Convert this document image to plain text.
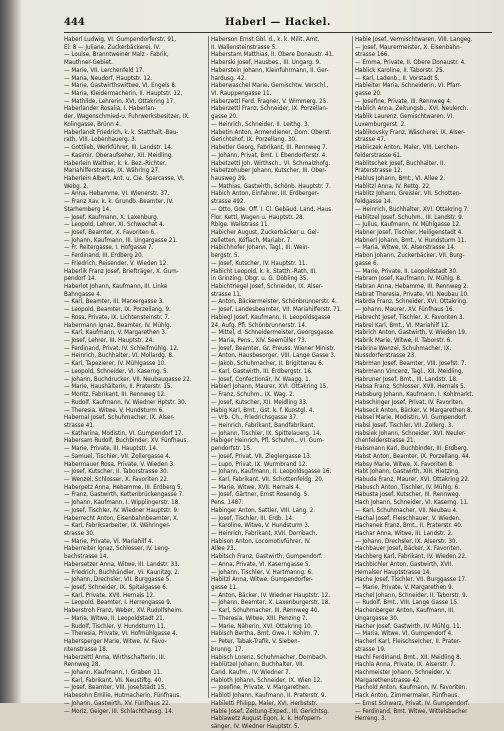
444	Haberl — Hackel.
Haberl Ludwig, VI. Gumpendorferstr. 91,
El: 8 — Juliane, Zuckerbäckerei, IV.
— Louise, Branntweiner Malz - Fabrik,
Mauthner-Gebiet.
— Marie, VII. Lerchenfeld 17.
— Maria, Neudorf, Hauptstr. 12.
— Marie, Gastwirthswittwe, VI. Engels 8.
— Maria, Kleidermacherin, II. Hauptstr. 12,
— Mathilde, Lehrerin, XVI. Ottakring 17.
Haberlander Rosalia, I. Haberlan-
der, Wagenschmied-u. Fuhrwerksbesitzer, IX.
Kolingasse, Brünn 4.
Haberlandt Friedrich, k. k. Statthalt.-Bau-
rath, VIII. Lobenhauerg. 3.
— Gottlieb, Werkführer, III. Landstr. 14.
— Kasimir, Oberaufseher, XII. Meidling.
Haberlein Walther, k. k. Bez.-Richter,
Mariahilferstrasse, IX. Währing 27.
Haberlein Albert, Ant. u. Cie. Sparcasse, VI.
Webg. 2.
— Anna, Hebamme, VI. Wienerstr. 37.
— Franz Xav. k. k. Grundb.-Beamter, IV.
Starhemberg 14.
— Josef, Kaufmann, X. Laxenburg.
— Leopold, Lehrer, XI. Schwechat 4.
— Josef, Beamter, X. Favoriten 6.
— Johann, Kaufmann, III. Ungargasse 21.
— Fr. Reitergasse, I. Hofgasse 7.
— Ferdinand, III. Erdberg 20.
— Friedrich, Reisender, V. Wieden 12.
Haberlik Franz Josef, Briefträger, X. Gum-
pendorf 14.
Haberlot Johann, Kaufmann, III. Linke
Bahngasse 4.
— Karl, Beamter, III. Marxergasse 3.
— Leopold, Beamter, IX. Porzellang. 9.
— Rosa, Private, IX. Lichtensteinstr. 7.
Habermann Ignaz, Beamter, IV. Mühlg.
— Karl, Kaufmann, V. Margarethen 3.
— Josef, Lehrer, III. Hauptstr. 24.
— Ferdinand, Privat, IV. Schleifmühlg. 12.
— Heinrich, Buchhalter, VI. Mollardg. 8.
— Karl, Tapezierer, IV. Mühlgasse 10.
— Leopold, Schneider, VI. Kaserng. 5.
— Johann, Buchdrucker, VII. Neubaugasse 22.
— Marie, Haushälterin, II. Praterstr. 15.
— Moritz, Fabrikant, III. Rennweg 12.
— Rudolf, Kaufmann, IV. Wiedner Hptstr. 30.
— Theresia, Witwe, V. Hundsturm 6.
Habernal Josef, Schuhmacher, IX. Alser-
strasse 41.
— Katharina, Modistin, VI. Gumpendorf 17.
Habersam Rudolf, Buchbinder, XV. Fünfhaus.
— Marie, Private, III. Hauptstr. 14.
— Samuel, Tischler, VII. Zollergasse 4.
Habermauer Rosa, Private, V. Wieden 3.
— Josef, Kutscher, II. Taborstrasse 30.
— Wenzel, Schlosser, X. Favoriten 22.
Haberpetz Anna, Hebamme, III. Erdberg 5.
— Franz, Gastwirth, Kettenbrückengasse 7.
— Johann, Kaufmann, I. Wipplingerstr. 18.
— Josef, Tischler, IV. Wiedner Hauptstr. 9.
Haberrecht Anton, Eisenbahnbeamter, X.
— Karl, Fabriksarbeiter, IX. Währinger-
strasse 30.
— Marie, Private, VI. Mariahilf 4.
Haberreiter Ignaz, Schlosser, IV. Leng-
bachstrasse 14.
Habersetzer Anna, Witwe, III. Landstr. 33.
— Friedrich, Buchhändler, VI. Kaunitzg. 2.
— Johann, Drechsler, VII. Burggasse 5.
— Josef, Schneider, IX. Spitalgasse 6.
— Karl, Private, XVII. Hernals 12.
— Leopold, Beamter, I. Herrengasse 9.
Haberstroh Franz, Weber, XV. Rudolfsheim.
— Maria, Witwe, II. Leopoldstadt 21.
— Rudolf, Tischler, V. Hundsturm 11.
— Theresia, Private, VI. Hofmühlgasse 4.
Habersperger Marie, Witwe, IV. Favo-
ritenstrasse 18.
Haberzettl Anna, Wirthschafterin, III.
Rennweg 28.
— Johann, Kaufmann, I. Graben 11.
— Karl, Fabrikant, VII. Neustiftg. 40.
— Josef, Beamter, VIII. Josefstadt 15.
Habesohn Emilie, Hutmacherin, Fünfhaus.
— Johann, Gastwirth, XV. Fünfhaus 22.
— Moriz, Geiger, III. Schlachthausg. 14.
Haberson Ernst Gbl. d., k. k. Milit. Amt,
II. Wallensteinstrasse 5.
Haberstam Matthias, II. Obere Donaustr. 41.
Haberski Josef, Hausbes., III. Ungarg. 9.
Haberstein Johann, Kleinfuhrmann, II. Ger-
hardusg. 42.
Haberwaschel Marie, Gemischtw. Verschl.,
VI. Rauppengasse 11.
Haberzettl Ferd. Fragner, V. Wimmerg. 25.
Haberzettl Franz, Schneider, IX. Porzellan-
gasse 20.
— Heinrich, Schneider, II. Leithg. 3.
Habetin Anton, Armendiener, Dom. Oberst.
Gerichtshof, IX. Porzellang. 30.
Habetler Georg, Fabrikant, III. Rennweg 7.
— Johann, Privat, Bmt. I. Ebendorferstr. 4.
Habetzettl Joh. Wirthsch., VI. Schmalzhofg.
Habetzohuber Johann, Kutscher, III. Ober-
hausweg 39.
— Mathias, Gastwirth, Schönb. Hauptstr. 7.
Habich Anton, Einfahrer, III. Erdberger-
strasse 492.
— Otto, Gde. Off. I. Cl. Gebäud. Land. Haus
Flor. Kettl, Wagen u. Hauptstr. 28.
Rblge. Wallstrass 11.
Habicher August, Zuckerbäcker u. Gel-
zelletten, Köflach, Mariabr. 7.
Habichhofer Johann, Tagl., III. Wein-
bergstr. 5.
— Josef, Kutscher, IV. Hauptstr. 11.
Habicht Leopold, k. k. Statth.-Rath, III.
in Grinzing, Obgr. u. G. Döbling 35.
Habichtriegel Josef, Schneider, IX. Alser-
strasse 11.
— Anton, Bäckermeister, Schönbrunnerstr. 4.
— Josef, Landesbeamter, VII. Mariahilferstr. 71.
Habiegl Josef, Kaufmann, II. Leopoldsgasse
24, Aufg. Pfl. Schönbrunnerstr. 14.
— Mittel, d. Schneidermeister, Georgsgasse.
— Maria, Pens., XIV. Seemüller 73.
— Josef, Beamter, Gr. Preuss. Wiener Ministr.
— Anton, Hausbesorger, VIII. Lange Gasse 3.
— Jakob, Schuhmacher, II. Brigittenau 6.
— Karl, Gastwirth, III. Erdbergstr. 16.
— Josef, Confectionär, IV. Waagg. 1.
Habierl Johann, Maurer, XVI. Ottakring 15.
— Franz, Schuhm., IX. Wag. 2.
— Josef, Kutscher, XII. Meidling 33.
Habig Karl, Bmt., Gst. k. f. Kunstgl. 4.
— Vrb. Ch., Friedrichsgasse 37.
— Heinrich, Fabrikant, Bandfabrikant.
— Johann, Tischler, IX. Spittelauerg. 14.
Habiger Heinrich, Pfl. Schuhm., VI. Gum-
pendorfstr. 15.
— Josef, Privat, VII. Zieglergasse 13.
— Lupo, Privat, IX. Wurmbrand 12.
— Johann, Kaufmann, II. Leopoldsgasse 16.
— Karl, Fabrikant, VII. Schottenfeldg. 20.
— Marie, Witwe, XVII. Hernals 4.
— Josef, Gärtner, Ernst Rosendg. 5.
Pens. 1487.
Habinger Anton, Sattler, VIII. Lang. 2.
— Josef, Tischler, III. Erdb. 14.
— Karoline, Witwe, V. Hundsturm 3.
— Heinrich, Fabrikant, XVII. Dornbach.
Habison Anton, Locomotivführer, IV.
Allee 23.
Habitsch Franz, Gastwirth, Gumpendorf.
— Anna, Private, VI. Kaserngasse 5.
— Johann, Tischler, V. Hartmanng. 6.
Habitzl Anna, Witwe, Gumpendorfer-
gasse 11.
— Anton, Bäcker, IV. Wiedner Hauptstr. 12.
— Johann, Beamter, X. Laxenburgerstr. 18.
— Karl, Schuhmacher, III. Rennweg 40.
— Theresia, Witwe, XIII. Penzing 7.
— Marie, Näherin, XVI. Ottakring 10.
Habisch Bertha, Bmt. Gwe. I. Kohlm. 7.
— Peter, Tabak-Trafik, V. Sieben-
brunng. 17.
Habisch Lorenz, Schuhmacher, Dornbach.
Hablützel Johann, Buchhalter, VII.
Cand. Kaufm., IV. Wiedner 7.
Habloth Johann, Schneider, IX. Wien 12.
— Josefine, Private, V. Margarethen.
Hablotl Johann, Kaufmann, II. Praterstr. 9.
Habiletti Philipp, Maler, XVI. Herbststr.
Hable Josef, Zeitung-Exped., III. Gerichtsg.
Hablawetz August Egon, k. k. Hofopern-
sänger, IV. Wiedner Hauptstr. 5.
Hable Josef, Vermischtwaren, VIII. Langeg.
— Josef, Maurermeister, X. Eisenbahn-
strasse 166.
— Emma, Private, II. Obere Donaustr. 4.
Hablick Karoline, II. Taborstr. 25.
— Karl, Ladenb., II. Vorstadt 5.
Hableiter Maria, Schneiderin, VI. Pfarr-
gasse 20.
— Josefine, Private, III. Rennweg 4.
Hablich Anna, Zeitungsb., XVI. Neulerch.
Hablik Laurenz, Gemischtwaren, VI.
Luxemburgerst. 2.
Hablikovsky Franz, Wäscherei, IX. Alser-
strasse 47.
Habliczek Anton, Maler, VIII. Lerchen-
felderstrasse 61.
Hablitschek Josef, Buchhalter, II.
Praterstrasse 12.
Hablus Johann, Bmt., VI. Allee 2.
Hablitzl Anna, IV. Rettg. 22.
Hablitz Johann, Greisler, VII. Schotten-
feldgasse 14.
— Heinrich, Buchhalter, XVI. Ottakring 7.
Hablitzel Josef, Schuhm., III. Landstr. 9.
— Julius, Kaufmann, IV. Mühlgasse 12.
Habner Josef, Tischler, Heiligenstadt 4.
Habnerl Johann, Bmt., V. Hundsturm 11.
— Maria, Witwe, IX. Alserstrasse 14.
Habon Johann, Zuckerbäcker, VII. Burg-
gasse 6.
— Marie, Private, II. Leopoldstadt 30.
Habram Josef, Kaufmann, IV. Mühlg. 8.
Habran Anna, Hebamme, III. Rennweg 2.
Habrat Theresia, Private, VII. Neubau 10.
Habrda Franz, Schneider, XVI. Ottakring.
— Johann, Maurer, XV. Fünfhaus 16.
Habrecht Josef, Tischler, X. Favoriten 3.
Habrel Karl, Bmt., VI. Mariahilf 12.
Habrich Anton, Gastwirth, V. Wieden 19.
Habrik Marie, Witwe, II. Taborstr. 6.
Habrina Wenzel, Schuhmacher, IX.
Nussdorferstrasse 23.
Habrman Josef, Beamter, VIII. Josefst. 7.
Habrmann Vincenz, Tagl., XII. Meidling.
Habruner Josef, Bmt., III. Landstr. 18.
Habsa Franz, Schlosser, XVII. Hernals 5.
Habsburg Johann, Kaufmann, I. Kohlmarkt.
Habschinger Josef, Privat, IV. Favoriten.
Habseck Anton, Bäcker, V. Margarethen 8.
Habsel Marie, Modistin, VI. Gumpendorf.
Habsi Josef, Tischler, VII. Zollerg. 3.
Habsiek Johann, Schneider, XVI. Neuler-
chenfelderstrasse 21.
Habsmann Karl, Buchbinder, III. Erdberg.
Habst Anton, Beamter, IX. Porzellang. 44.
Habsy Marie, Witwe, X. Favoriten 8.
Habt Johann, Gastwirth, XIII. Hietzing.
Habuda Franz, Maurer, XVI. Ottakring 22.
Habusch Anton, Tischler, IV. Mühlg. 6.
Habusta Josef, Kutscher, III. Rennweg.
Hach Johann, Schneider, VI. Kaserng. 11.
— Karl, Schuhmacher, VII. Neubau 4.
Hachal Josef, Fleischhauer, V. Wieden.
Hachanek Franz, Bmt., II. Praterstr. 40.
Hachar Anna, Witwe, III. Landstr. 2.
— Johann, Drechsler, IX. Alserstr. 30.
Hachbauer Josef, Bäcker, X. Favoriten.
Hachberg Karl, Fabrikant, IV. Wieden 22.
Hachbichler Anton, Gastwirth, XVII.
Hernalser Hauptstrasse 14.
Hache Josef, Tischler, VII. Burggasse 17.
— Marie, Private, V. Margarethen 9.
Hachel Johann, Schneider, II. Taborstr. 9.
— Rudolf, Bmt., VIII. Lange Gasse 15.
Hachenberger Anton, Kaufmann, III.
Ungargasse 30.
Hacher Josef, Gastwirth, IV. Mühlg. 11.
— Maria, Witwe, VI. Gumpendorf 4.
Hacherl Karl, Fleischselcher, II. Prater-
strasse 19.
Hachl Ferdinand, Bmt., XII. Meidling 8.
Hachla Anna, Private, IX. Alserstr. 7.
Hachmeister Johann, Schneider, V.
Margarethenstrasse 42.
Hachold Anton, Kaufmann, IV. Favoriten.
Hack Anton, Zimmermaler, Fünfhaus.
— Ernst Schwarz, Privat, IV. Gumpendorf.
— Ferdinand, Bmt. Witwe, Wittelsbacher
Herreng. 3.
